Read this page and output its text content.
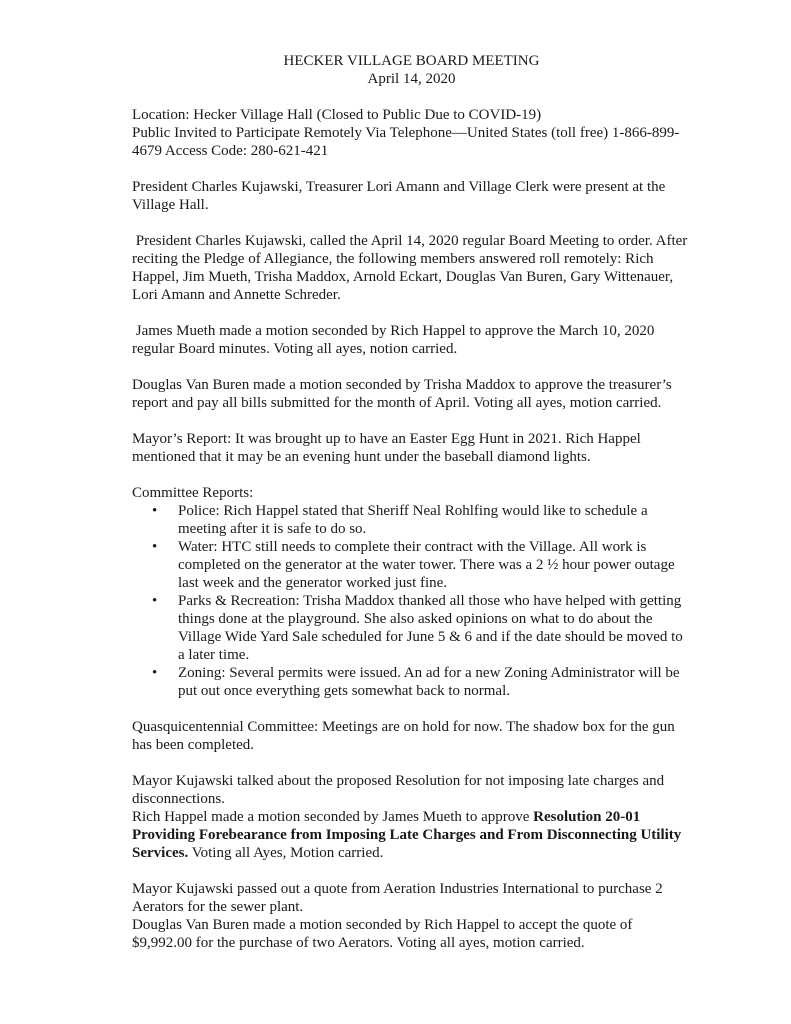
HECKER VILLAGE BOARD MEETING
April 14, 2020

Location: Hecker Village Hall (Closed to Public Due to COVID-19)

Public Invited to Participate Remotely Via Telephone—United States (toll free) 1-866-899-4679 Access Code: 280-621-421

President Charles Kujawski, Treasurer Lori Amann and Village Clerk were present at the Village Hall.

President Charles Kujawski, called the April 14, 2020 regular Board Meeting to order. After reciting the Pledge of Allegiance, the following members answered roll remotely: Rich Happel, Jim Mueth, Trisha Maddox, Arnold Eckart, Douglas Van Buren, Gary Wittenauer, Lori Amann and Annette Schreder.

James Mueth made a motion seconded by Rich Happel to approve the March 10, 2020 regular Board minutes. Voting all ayes, notion carried.

Douglas Van Buren made a motion seconded by Trisha Maddox to approve the treasurer’s report and pay all bills submitted for the month of April. Voting all ayes, motion carried.

Mayor’s Report: It was brought up to have an Easter Egg Hunt in 2021. Rich Happel mentioned that it may be an evening hunt under the baseball diamond lights.

Committee Reports:

• Police: Rich Happel stated that Sheriff Neal Rohlfing would like to schedule a meeting after it is safe to do so.
• Water: HTC still needs to complete their contract with the Village. All work is completed on the generator at the water tower. There was a 2 ½ hour power outage last week and the generator worked just fine.
• Parks & Recreation: Trisha Maddox thanked all those who have helped with getting things done at the playground. She also asked opinions on what to do about the Village Wide Yard Sale scheduled for June 5 & 6 and if the date should be moved to a later time.
• Zoning: Several permits were issued. An ad for a new Zoning Administrator will be put out once everything gets somewhat back to normal.

Quasquicentennial Committee: Meetings are on hold for now. The shadow box for the gun has been completed.

Mayor Kujawski talked about the proposed Resolution for not imposing late charges and disconnections.

Rich Happel made a motion seconded by James Mueth to approve Resolution 20-01 Providing Forebearance from Imposing Late Charges and From Disconnecting Utility Services. Voting all Ayes, Motion carried.

Mayor Kujawski passed out a quote from Aeration Industries International to purchase 2 Aerators for the sewer plant.

Douglas Van Buren made a motion seconded by Rich Happel to accept the quote of $9,992.00 for the purchase of two Aerators. Voting all ayes, motion carried.
